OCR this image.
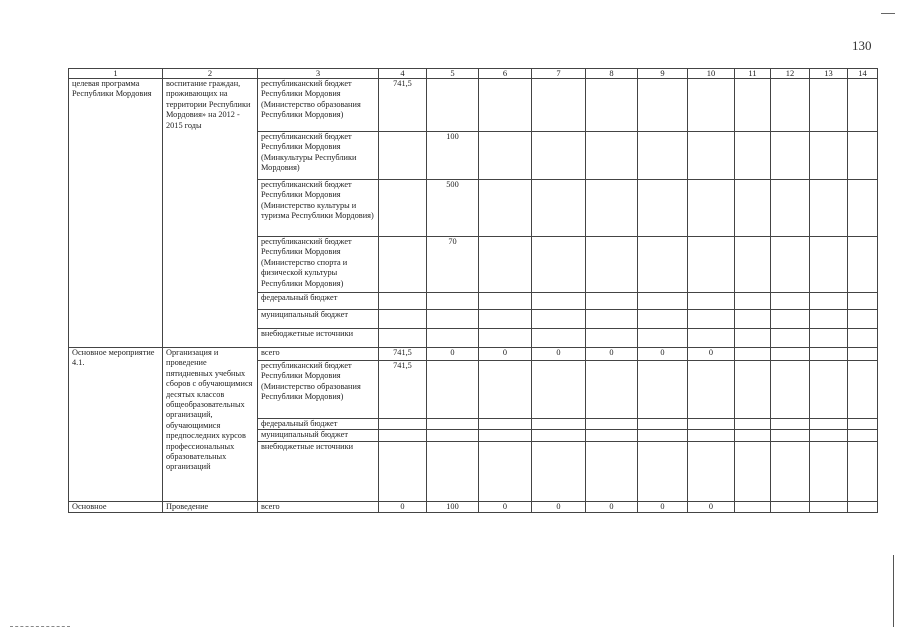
130
1	2	3	4	5	6	7	8	9	10	11	12	13	14
целевая программа Республики Мордовия	воспитание граждан, проживающих на территории Республики Мордовия» на 2012 - 2015 годы	республиканский бюджет Республики Мордовия (Министерство образования Республики Мордовия)	741,5										
		республиканский бюджет Республики Мордовия (Минкультуры Республики Мордовия)		100									
		республиканский бюджет Республики Мордовия (Министерство культуры и туризма Республики Мордовия)		500									
		республиканский бюджет Республики Мордовия (Министерство спорта и физической культуры Республики Мордовия)		70									
		федеральный бюджет											
		муниципальный бюджет											
		внебюджетные источники											
Основное мероприятие 4.1.	Организация и проведение пятидневных учебных сборов с обучающимися десятых классов общеобразовательных организаций, обучающимися предпоследних курсов профессиональных образовательных организаций	всего	741,5	0	0	0	0	0	0				
		республиканский бюджет Республики Мордовия (Министерство образования Республики Мордовия)	741,5										
		федеральный бюджет											
		муниципальный бюджет											
		внебюджетные источники											
Основное	Проведение	всего	0	100	0	0	0	0	0				
